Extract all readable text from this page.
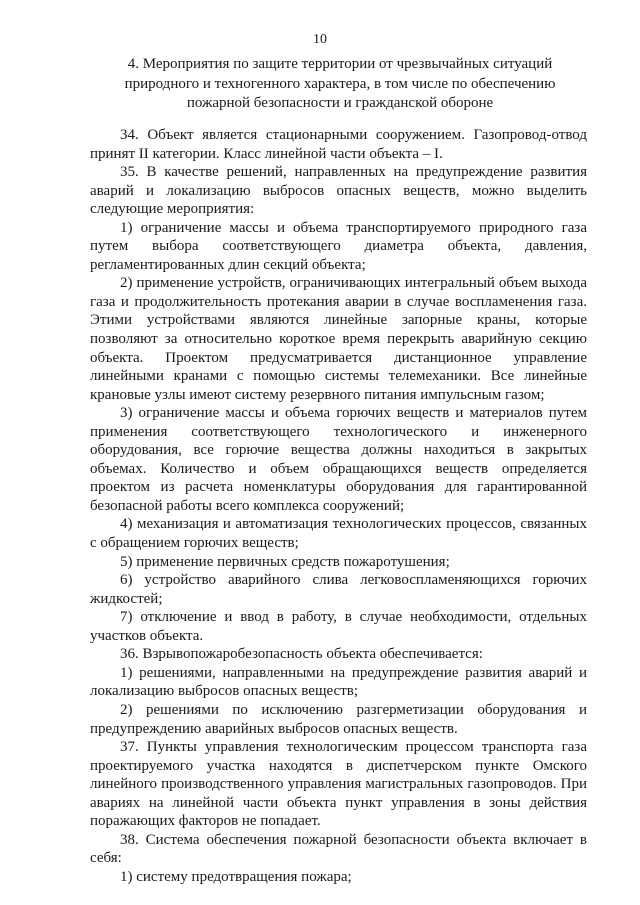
10
4. Мероприятия по защите территории от чрезвычайных ситуаций
природного и техногенного характера, в том числе по обеспечению
пожарной безопасности и гражданской обороне

34. Объект является стационарными сооружением. Газопровод-отвод принят II категории. Класс линейной части объекта – I.

35. В качестве решений, направленных на предупреждение развития аварий и локализацию выбросов опасных веществ, можно выделить следующие мероприятия:

1) ограничение массы и объема транспортируемого природного газа путем выбора соответствующего диаметра объекта, давления, регламентированных длин секций объекта;

2) применение устройств, ограничивающих интегральный объем выхода газа и продолжительность протекания аварии в случае воспламенения газа. Этими устройствами являются линейные запорные краны, которые позволяют за относительно короткое время перекрыть аварийную секцию объекта. Проектом предусматривается дистанционное управление линейными кранами с помощью системы телемеханики. Все линейные крановые узлы имеют систему резервного питания импульсным газом;

3) ограничение массы и объема горючих веществ и материалов путем применения соответствующего технологического и инженерного оборудования, все горючие вещества должны находиться в закрытых объемах. Количество и объем обращающихся веществ определяется проектом из расчета номенклатуры оборудования для гарантированной безопасной работы всего комплекса сооружений;

4) механизация и автоматизация технологических процессов, связанных с обращением горючих веществ;

5) применение первичных средств пожаротушения;

6) устройство аварийного слива легковоспламеняющихся горючих жидкостей;

7) отключение и ввод в работу, в случае необходимости, отдельных участков объекта.

36. Взрывопожаробезопасность объекта обеспечивается:

1) решениями, направленными на предупреждение развития аварий и локализацию выбросов опасных веществ;

2) решениями по исключению разгерметизации оборудования и предупреждению аварийных выбросов опасных веществ.

37. Пункты управления технологическим процессом транспорта газа проектируемого участка находятся в диспетчерском пункте Омского линейного производственного управления магистральных газопроводов. При авариях на линейной части объекта пункт управления в зоны действия поражающих факторов не попадает.

38. Система обеспечения пожарной безопасности объекта включает в себя:

1) систему предотвращения пожара;
